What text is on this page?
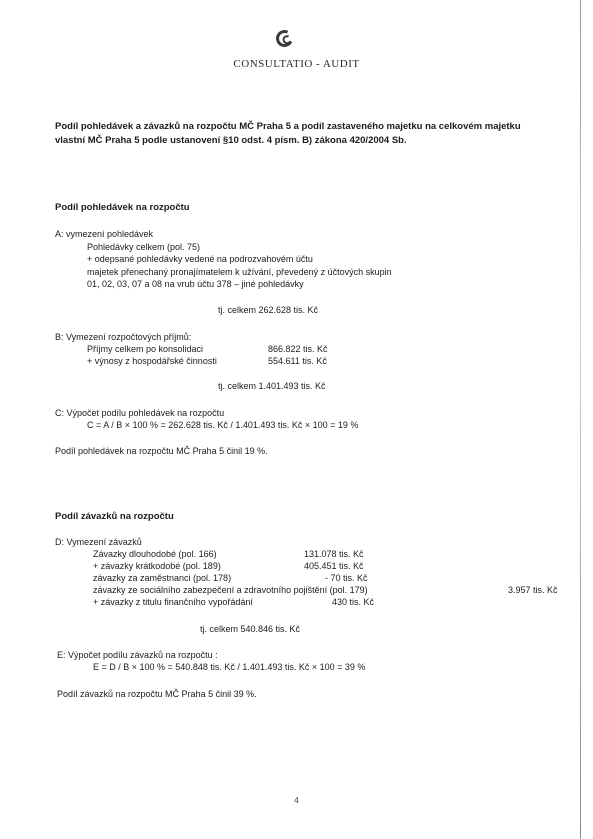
CONSULTATIO - AUDIT
Podíl pohledávek a závazků na rozpočtu MČ Praha 5 a podíl zastaveného majetku na celkovém majetku vlastní MČ Praha 5 podle ustanovení §10 odst. 4 písm. B) zákona 420/2004 Sb.
Podíl pohledávek na rozpočtu
A: vymezení pohledávek
Pohledávky celkem (pol. 75)
+ odepsané pohledávky vedené na podrozvahovém účtu
majetek přenechaný pronajímatelem k užívání, převedený z účtových skupin
01, 02, 03, 07 a 08 na vrub účtu 378 – jiné pohledávky
tj. celkem 262.628 tis. Kč
B: Vymezení rozpočtových příjmů:
Příjmy celkem po konsolidaci	866.822 tis. Kč
+ výnosy z hospodářské činnosti	554.611 tis. Kč
tj. celkem 1.401.493 tis. Kč
C: Výpočet podílu pohledávek na rozpočtu
C = A / B × 100 % = 262.628 tis. Kč / 1.401.493 tis. Kč × 100 = 19 %
Podíl pohledávek na rozpočtu MČ Praha 5 činil 19 %.
Podíl závazků na rozpočtu
D: Vymezení závazků
Závazky dlouhodobé (pol. 166)	131.078 tis. Kč
+ závazky krátkodobé (pol. 189)	405.451 tis. Kč
závazky za zaměstnanci (pol. 178)	- 70 tis. Kč
závazky ze sociálního zabezpečení a zdravotního pojištění (pol. 179)	3.957 tis. Kč
+ závazky z titulu finančního vypořádání	430 tis. Kč
tj. celkem 540.846 tis. Kč
E: Výpočet podílu závazků na rozpočtu :
E = D / B × 100 % = 540.848 tis. Kč / 1.401.493 tis. Kč × 100 = 39 %
Podíl závazků na rozpočtu MČ Praha 5 činil 39 %.
4
